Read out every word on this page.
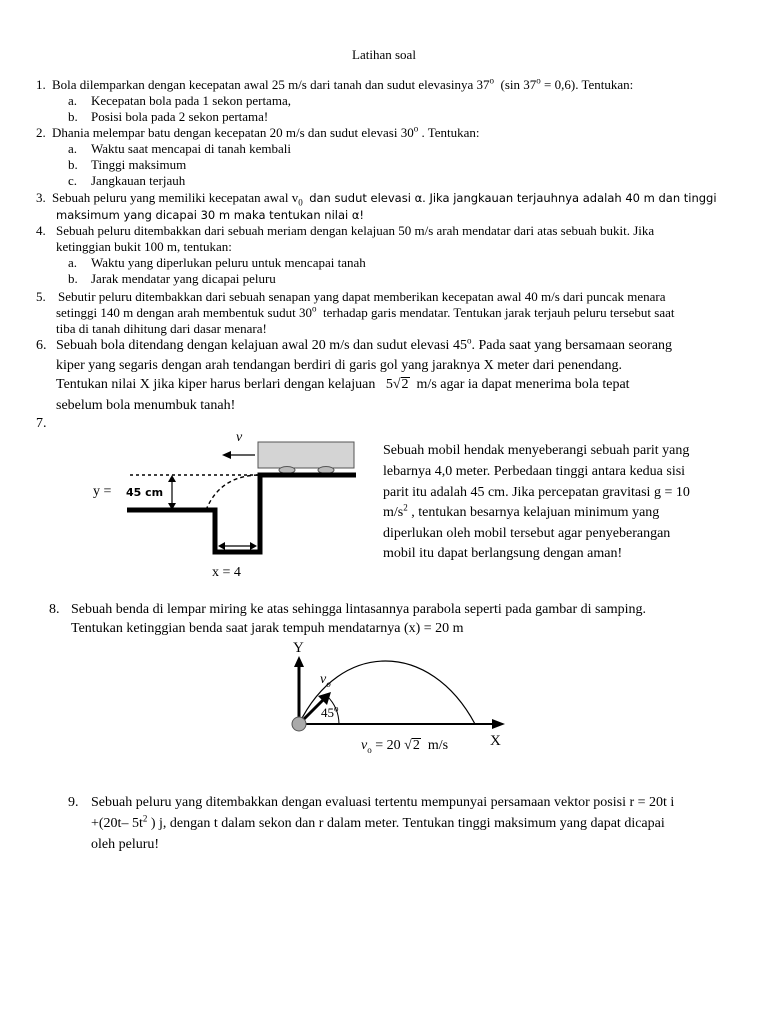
Latihan soal
1. Bola dilemparkan dengan kecepatan awal 25 m/s dari tanah dan sudut elevasinya 37$^o$ (sin $37^o = 0,6$). Tentukan:
a. Kecepatan bola pada 1 sekon pertama,
b. Posisi bola pada 2 sekon pertama!
2. Dhania melempar batu dengan kecepatan 20 m/s dan sudut elevasi 30$^o$ . Tentukan:
a. Waktu saat mencapai di tanah kembali
b. Tinggi maksimum
c. Jangkauan terjauh
3. Sebuah peluru yang memiliki kecepatan awal $v_0$ dan sudut elevasi α. Jika jangkauan terjauhnya adalah 40 m dan tinggi
maksimum yang dicapai 30 m maka tentukan nilai α!
4. Sebuah peluru ditembakkan dari sebuah meriam dengan kelajuan 50 m/s arah mendatar dari atas sebuah bukit. Jika
ketinggian bukit 100 m, tentukan:
a. Waktu yang diperlukan peluru untuk mencapai tanah
b. Jarak mendatar yang dicapai peluru
5. Sebutir peluru ditembakkan dari sebuah senapan yang dapat memberikan kecepatan awal 40 m/s dari puncak menara
setinggi 140 m dengan arah membentuk sudut 30$^o$ terhadap garis mendatar. Tentukan jarak terjauh peluru tersebut saat
tiba di tanah dihitung dari dasar menara!
6. Sebuah bola ditendang dengan kelajuan awal 20 m/s dan sudut elevasi 45$^o$. Pada saat yang bersamaan seorang
kiper yang segaris dengan arah tendangan berdiri di garis gol yang jaraknya X meter dari penendang.
Tentukan nilai X jika kiper harus berlari dengan kelajuan 5√2 m/s agar ia dapat menerima bola tepat
sebelum bola menumbuk tanah!
7.
v
y = 45 cm
x = 4
Sebuah mobil hendak menyeberangi sebuah parit yang
lebarnya 4,0 meter. Perbedaan tinggi antara kedua sisi
parit itu adalah 45 cm. Jika percepatan gravitasi g = 10
$m/s^2$ , tentukan besarnya kelajuan minimum yang
diperlukan oleh mobil tersebut agar penyeberangan
mobil itu dapat berlangsung dengan aman!
8. Sebuah benda di lempar miring ke atas sehingga lintasannya parabola seperti pada gambar di samping.
Tentukan ketinggian benda saat jarak tempuh mendatarnya (x) = 20 m
Y
X
$v_o$
45$^o$
$v_o = 20$ √2 m/s
9. Sebuah peluru yang ditembakkan dengan evaluasi tertentu mempunyai persamaan vektor posisi r = 20t i
+(20t– $5t^2$ ) j, dengan t dalam sekon dan r dalam meter. Tentukan tinggi maksimum yang dapat dicapai
oleh peluru!
